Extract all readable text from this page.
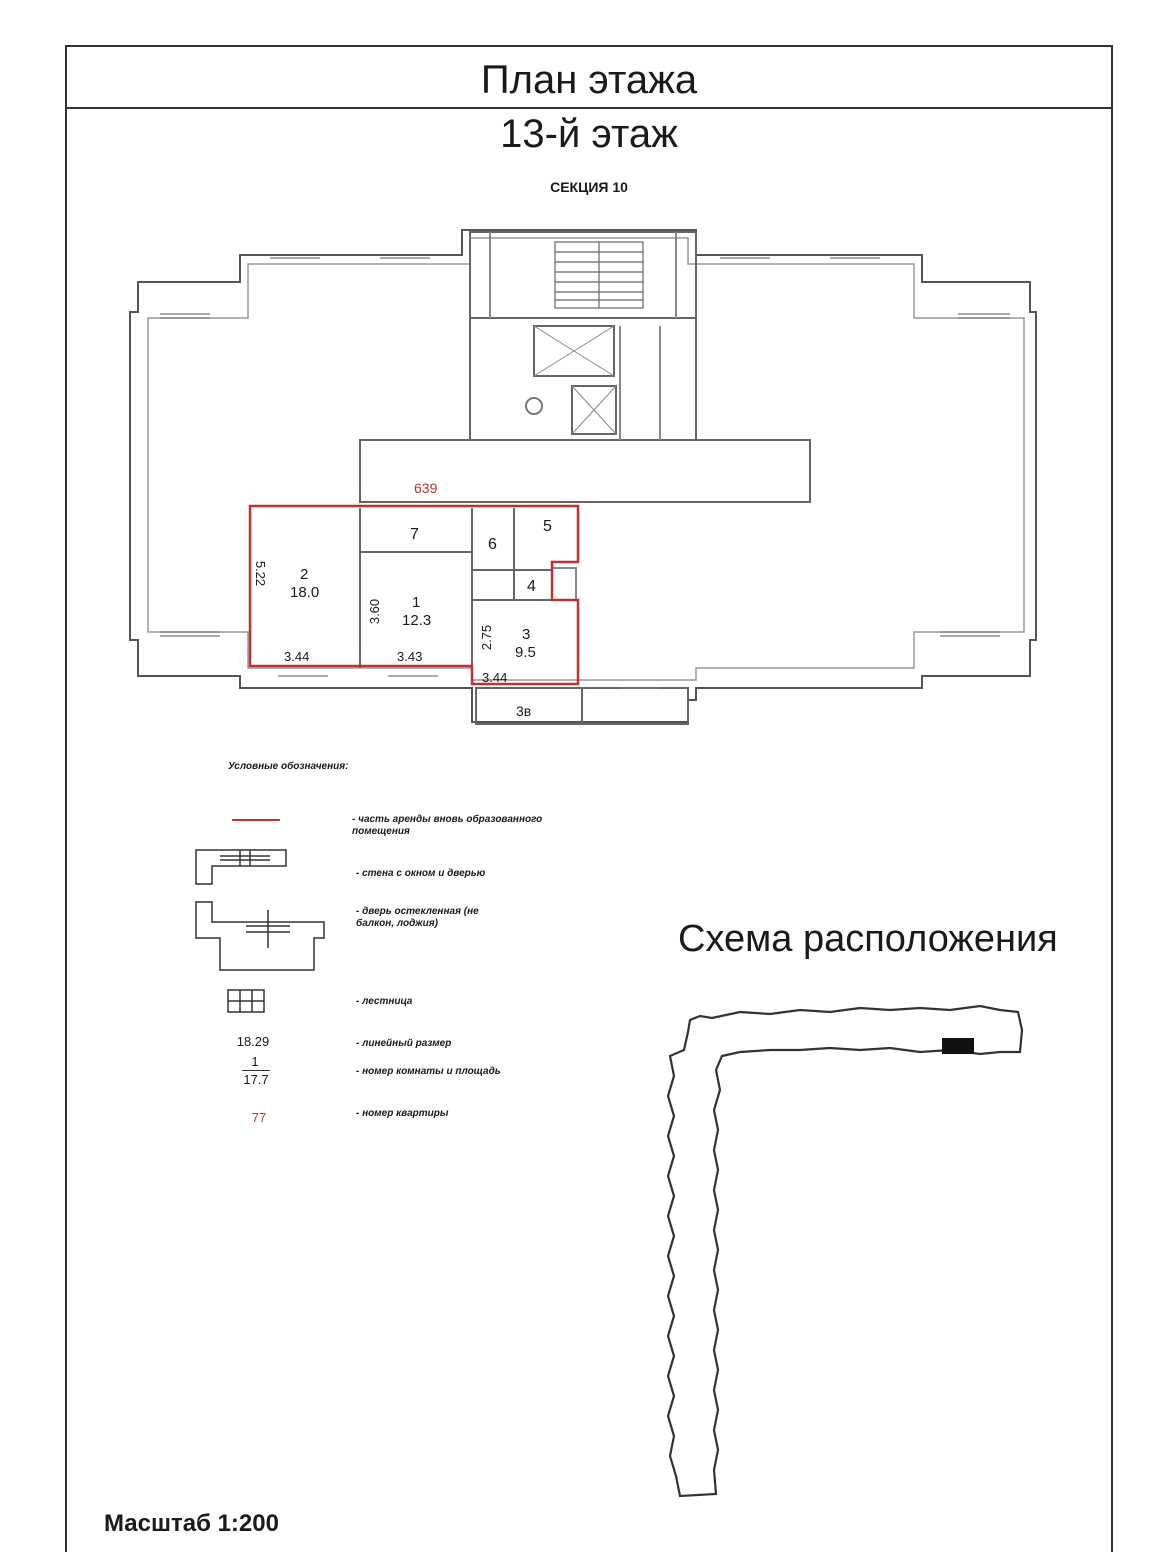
План этажа
13-й этаж
СЕКЦИЯ 10
639
7
6
5
4
2
18.0
1
12.3
3
9.5
3в
5.22
3.44
3.60
3.43
2.75
3.44
Условные обозначения:
- часть аренды вновь образованного помещения
- стена с окном и дверью
- дверь остекленная (не балкон, лоджия)
- лестница
18.29	- линейный размер
1
17.7
- номер комнаты и площадь
77	- номер квартиры
Схема расположения
Масштаб 1:200
